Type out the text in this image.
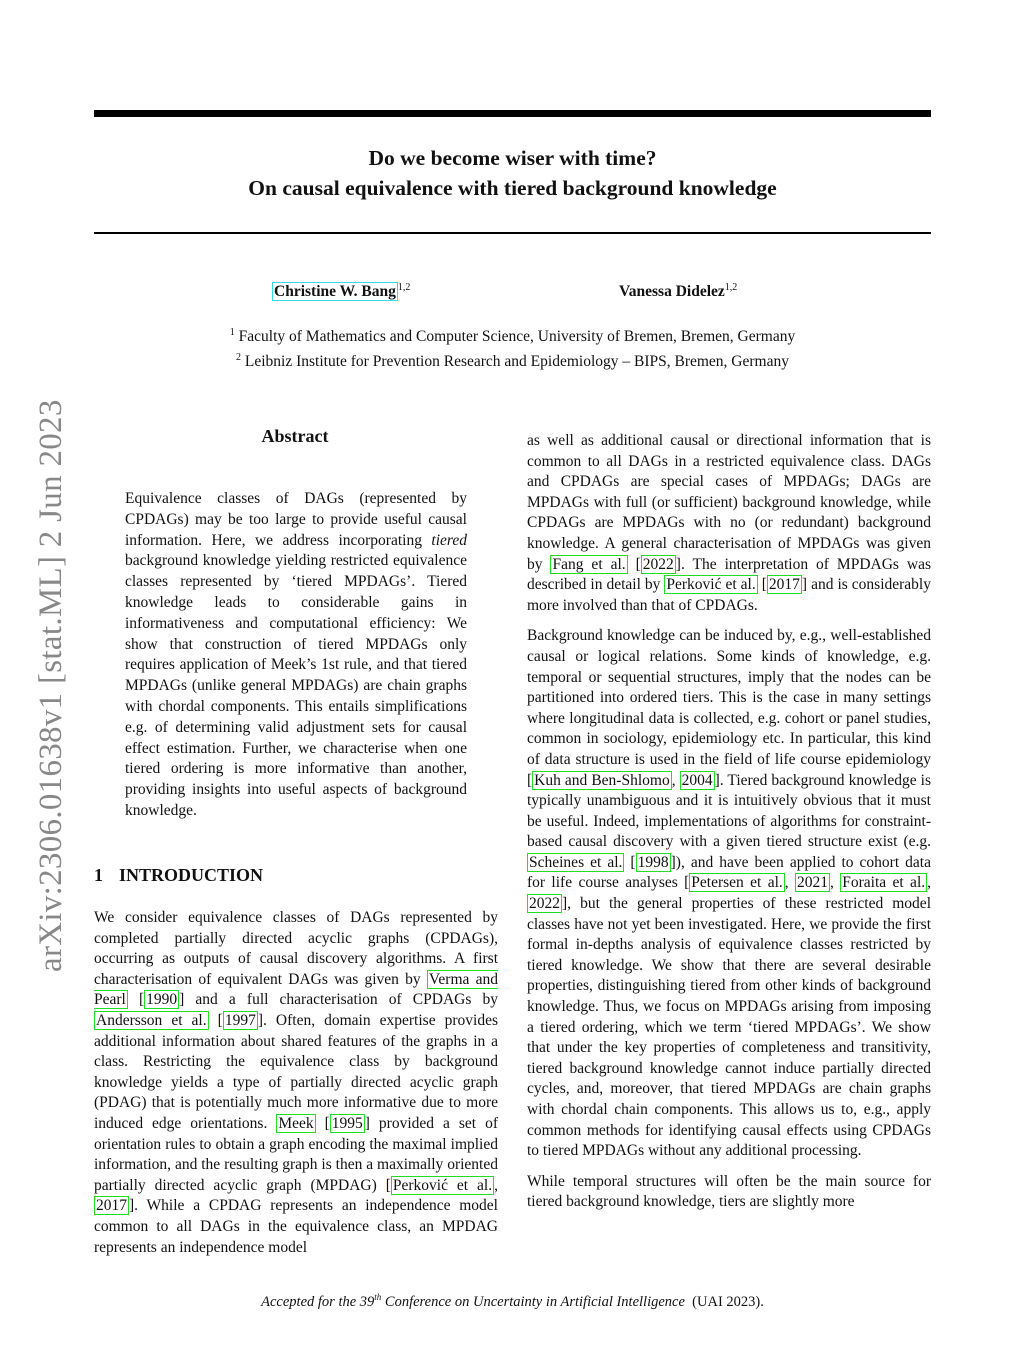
Do we become wiser with time?
On causal equivalence with tiered background knowledge
Christine W. Bang $^{1,2}$	Vanessa Didelez$^{1,2}$
$^1$ Faculty of Mathematics and Computer Science, University of Bremen, Bremen, Germany
$^2$ Leibniz Institute for Prevention Research and Epidemiology – BIPS, Bremen, Germany
arXiv:2306.01638v1 [stat.ML] 2 Jun 2023	Abstract
Equivalence classes of DAGs (represented by CPDAGs) may be too large to provide useful causal information. Here, we address incorporating tiered background knowledge yielding restricted equivalence classes represented by ‘tiered MPDAGs’. Tiered knowledge leads to considerable gains in informativeness and computational efficiency: We show that construction of tiered MPDAGs only requires application of Meek’s 1st rule, and that tiered MPDAGs (unlike general MPDAGs) are chain graphs with chordal components. This entails simplifications e.g. of determining valid adjustment sets for causal effect estimation. Further, we characterise when one tiered ordering is more informative than another, providing insights into useful aspects of background knowledge.
1 INTRODUCTION
We consider equivalence classes of DAGs represented by completed partially directed acyclic graphs (CPDAGs), occurring as outputs of causal discovery algorithms. A first characterisation of equivalent DAGs was given by Verma and Pearl [ 1990 ] and a full characterisation of CPDAGs by Andersson et al. [ 1997 ]. Often, domain expertise provides additional information about shared features of the graphs in a class. Restricting the equivalence class by background knowledge yields a type of partially directed acyclic graph (PDAG) that is potentially much more informative due to more induced edge orientations. Meek [ 1995 ] provided a set of orientation rules to obtain a graph encoding the maximal implied information, and the resulting graph is then a maximally oriented partially directed acyclic graph (MPDAG) [ Perković et al. , 2017 ]. While a CPDAG represents an independence model common to all DAGs in the equivalence class, an MPDAG represents an independence model

as well as additional causal or directional information that is common to all DAGs in a restricted equivalence class. DAGs and CPDAGs are special cases of MPDAGs; DAGs are MPDAGs with full (or sufficient) background knowledge, while CPDAGs are MPDAGs with no (or redundant) background knowledge. A general characterisation of MPDAGs was given by Fang et al. [ 2022 ]. The interpretation of MPDAGs was described in detail by Perković et al. [ 2017 ] and is considerably more involved than that of CPDAGs.

Background knowledge can be induced by, e.g., well-established causal or logical relations. Some kinds of knowledge, e.g. temporal or sequential structures, imply that the nodes can be partitioned into ordered tiers. This is the case in many settings where longitudinal data is collected, e.g. cohort or panel studies, common in sociology, epidemiology etc. In particular, this kind of data structure is used in the field of life course epidemiology [ Kuh and Ben-Shlomo , 2004 ]. Tiered background knowledge is typically unambiguous and it is intuitively obvious that it must be useful. Indeed, implementations of algorithms for constraint-based causal discovery with a given tiered structure exist (e.g. Scheines et al. [ 1998 ]), and have been applied to cohort data for life course analyses [ Petersen et al. , 2021 , Foraita et al. , 2022 ], but the general properties of these restricted model classes have not yet been investigated. Here, we provide the first formal in-depths analysis of equivalence classes restricted by tiered knowledge. We show that there are several desirable properties, distinguishing tiered from other kinds of background knowledge. Thus, we focus on MPDAGs arising from imposing a tiered ordering, which we term ‘tiered MPDAGs’. We show that under the key properties of completeness and transitivity, tiered background knowledge cannot induce partially directed cycles, and, moreover, that tiered MPDAGs are chain graphs with chordal chain components. This allows us to, e.g., apply common methods for identifying causal effects using CPDAGs to tiered MPDAGs without any additional processing.

While temporal structures will often be the main source for tiered background knowledge, tiers are slightly more

Accepted for the 39th Conference on Uncertainty in Artificial Intelligence (UAI 2023).
